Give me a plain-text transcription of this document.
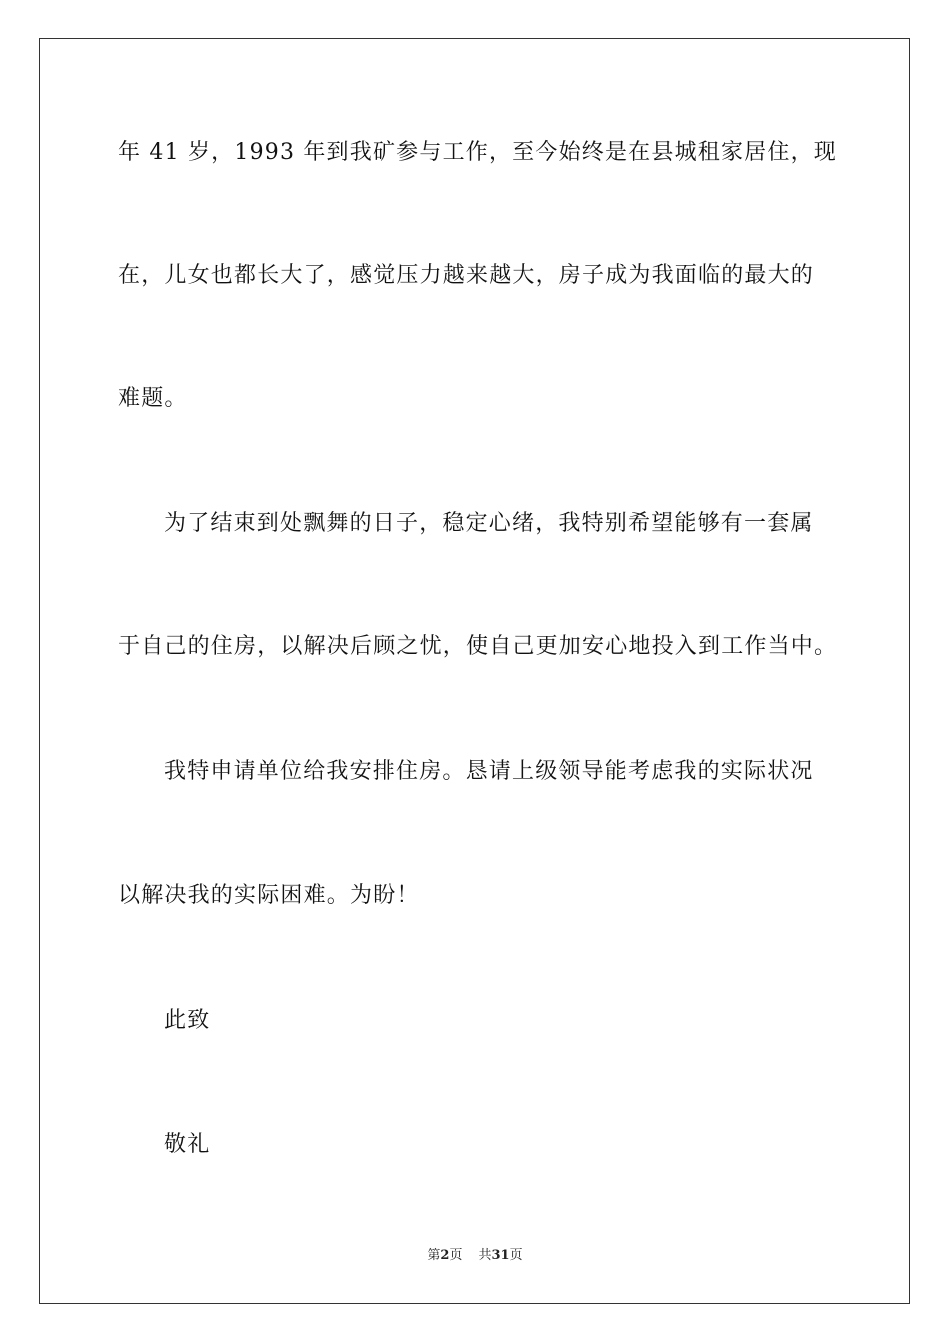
年 41 岁，1993 年到我矿参与工作，至今始终是在县城租家居住，现
在，儿女也都长大了，感觉压力越来越大，房子成为我面临的最大的
难题。
为了结束到处飘舞的日子，稳定心绪，我特别希望能够有一套属
于自己的住房，以解决后顾之忧，使自己更加安心地投入到工作当中。
我特申请单位给我安排住房。恳请上级领导能考虑我的实际状况
以解决我的实际困难。为盼！
此致
敬礼
第2页 共31页
